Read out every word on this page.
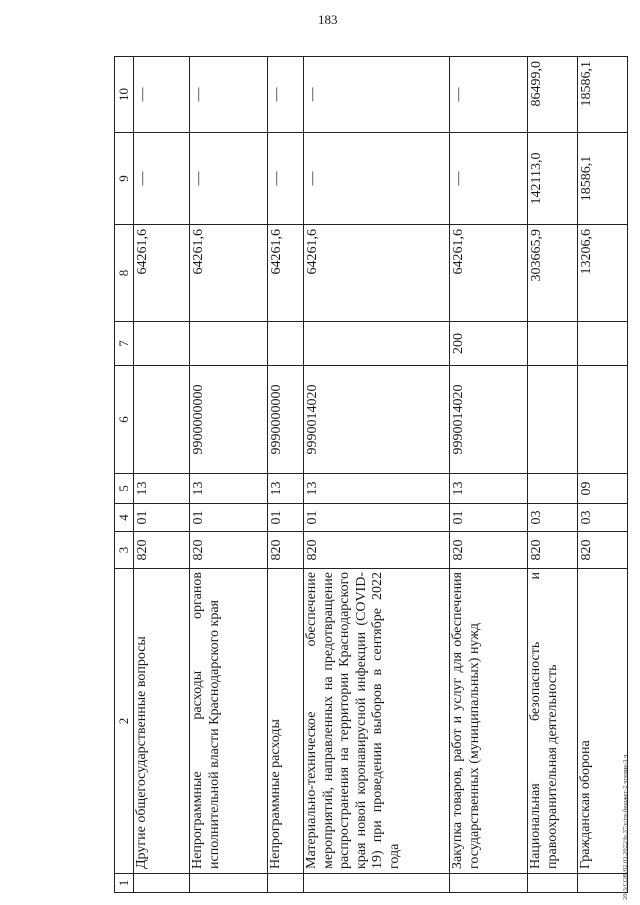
183
20-3/COB/02.03.2022/fe.37/e/гп-бюджет-2 чтение-3 ч
1	2	3	4	5	6	7	8	9	10
	Другие общегосударственные вопросы	820	01	13			64261,6	—	—
	Непрограммные расходы органов исполнительной власти Краснодарского края	820	01	13	9900000000		64261,6	—	—
	Непрограммные расходы	820	01	13	9990000000		64261,6	—	—
	Материально-техническое обеспечение мероприятий, направленных на предотвращение распространения на территории Краснодарского края новой коронавирусной инфекции (COVID-19) при проведении выборов в сентябре 2022 года	820	01	13	9990014020		64261,6	—	—
	Закупка товаров, работ и услуг для обеспечения государственных (муниципальных) нужд	820	01	13	9990014020	200	64261,6	—	—
	Национальная безопасность и правоохранительная деятельность	820	03				303665,9	142113,0	86499,0
	Гражданская оборона	820	03	09			13206,6	18586,1	18586,1
